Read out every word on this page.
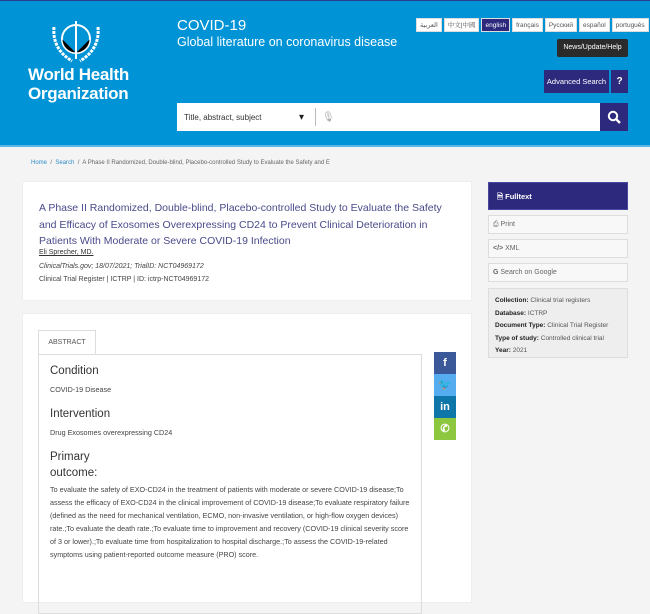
World Health
Organization
COVID-19
Global literature on coronavirus disease
العربية	中文|中國	english	français	Русский	español	português
News/Update/Help
Advanced Search	?
Title, abstract, subject	▾	🎙
Home  /  Search  /  A Phase II Randomized, Double-blind, Placebo-controlled Study to Evaluate the Safety and E
A Phase II Randomized, Double-blind, Placebo-controlled Study to Evaluate the Safety and Efficacy of Exosomes Overexpressing CD24 to Prevent Clinical Deterioration in Patients With Moderate or Severe COVID-19 Infection
Eli Sprecher, MD.
ClinicalTrials.gov; 18/07/2021; TrialID: NCT04969172
Clinical Trial Register | ICTRP | ID: ictrp-NCT04969172
ABSTRACT
Condition
COVID-19 Disease
Intervention
Drug Exosomes overexpressing CD24
Primary
outcome:
To evaluate the safety of EXO-CD24 in the treatment of patients with moderate or severe COVID-19 disease;To assess the efficacy of EXO-CD24 in the clinical improvement of COVID-19 disease;To evaluate respiratory failure (defined as the need for mechanical ventilation, ECMO, non-invasive ventilation, or high-flow oxygen devices) rate.;To evaluate the death rate.;To evaluate time to improvement and recovery (COVID-19 clinical severity score of 3 or lower).;To evaluate time from hospitalization to hospital discharge.;To assess the COVID-19-related symptoms using patient-reported outcome measure (PRO) score.
f
🐦
in
✆
🗎 Fulltext
⎙ Print
</> XML
G Search on Google
Collection: Clinical trial registers
Database: ICTRP
Document Type: Clinical Trial Register
Type of study: Controlled clinical trial
Year: 2021
